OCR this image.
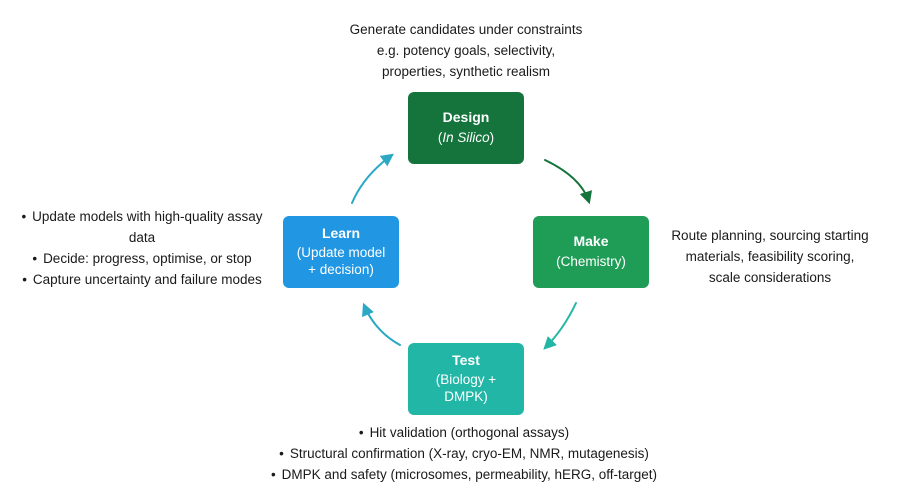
Design
(In Silico)
Make
(Chemistry)
Test
(Biology +
DMPK)
Learn
(Update model
+ decision)
Generate candidates under constraints
e.g. potency goals, selectivity,
properties, synthetic realism
Route planning, sourcing starting
materials, feasibility scoring,
scale considerations
• Hit validation (orthogonal assays)
• Structural confirmation (X-ray, cryo-EM, NMR, mutagenesis)
• DMPK and safety (microsomes, permeability, hERG, off-target)
• Update models with high-quality assay data
• Decide: progress, optimise, or stop
• Capture uncertainty and failure modes
